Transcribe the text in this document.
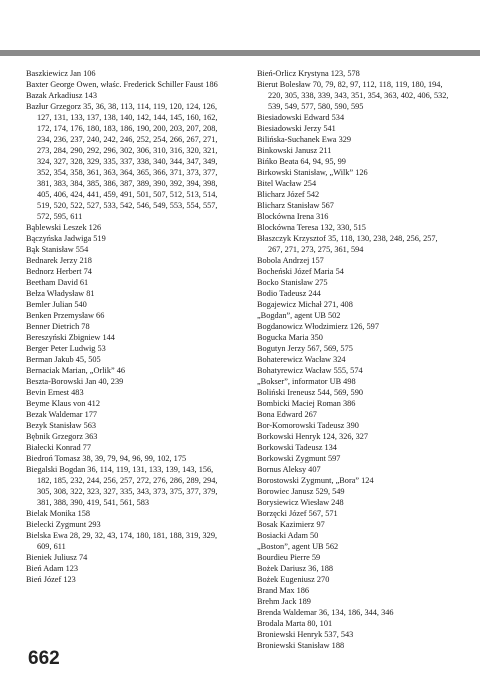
Baszkiewicz Jan 106
Baxter George Owen, właśc. Frederick Schiller Faust 186
Bazak Arkadiusz 143
Bazłur Grzegorz 35, 36, 38, 113, 114, 119, 120, 124, 126, 127, 131, 133, 137, 138, 140, 142, 144, 145, 160, 162, 172, 174, 176, 180, 183, 186, 190, 200, 203, 207, 208, 234, 236, 237, 240, 242, 246, 252, 254, 266, 267, 271, 273, 284, 290, 292, 296, 302, 306, 310, 316, 320, 321, 324, 327, 328, 329, 335, 337, 338, 340, 344, 347, 349, 352, 354, 358, 361, 363, 364, 365, 366, 371, 373, 377, 381, 383, 384, 385, 386, 387, 389, 390, 392, 394, 398, 405, 406, 424, 441, 459, 491, 501, 507, 512, 513, 514, 519, 520, 522, 527, 533, 542, 546, 549, 553, 554, 557, 572, 595, 611
Bąblewski Leszek 126
Bączyńska Jadwiga 519
Bąk Stanisław 554
Bednarek Jerzy 218
Bednorz Herbert 74
Beetham David 61
Bełza Władysław 81
Bemler Julian 540
Benken Przemysław 66
Benner Dietrich 78
Bereszyński Zbigniew 144
Berger Peter Ludwig 53
Berman Jakub 45, 505
Bernaciak Marian, „Orlik” 46
Beszta-Borowski Jan 40, 239
Bevin Ernest 483
Beyme Klaus von 412
Bezak Waldemar 177
Bezyk Stanisław 563
Bębnik Grzegorz 363
Białecki Konrad 77
Biedroń Tomasz 38, 39, 79, 94, 96, 99, 102, 175
Biegalski Bogdan 36, 114, 119, 131, 133, 139, 143, 156, 182, 185, 232, 244, 256, 257, 272, 276, 286, 289, 294, 305, 308, 322, 323, 327, 335, 343, 373, 375, 377, 379, 381, 388, 390, 419, 541, 561, 583
Bielak Monika 158
Bielecki Zygmunt 293
Bielska Ewa 28, 29, 32, 43, 174, 180, 181, 188, 319, 329, 609, 611
Bieniek Juliusz 74
Bień Adam 123
Bień Józef 123
Bień-Orlicz Krystyna 123, 578
Bierut Bolesław 70, 79, 82, 97, 112, 118, 119, 180, 194, 220, 305, 338, 339, 343, 351, 354, 363, 402, 406, 532, 539, 549, 577, 580, 590, 595
Biesiadowski Edward 534
Biesiadowski Jerzy 541
Bilińska-Suchanek Ewa 329
Binkowski Janusz 211
Bińko Beata 64, 94, 95, 99
Birkowski Stanisław, „Wilk” 126
Bitel Wacław 254
Blicharz Józef 542
Blicharz Stanisław 567
Blockówna Irena 316
Blockówna Teresa 132, 330, 515
Błaszczyk Krzysztof 35, 118, 130, 238, 248, 256, 257, 267, 271, 273, 275, 361, 594
Bobola Andrzej 157
Bocheński Józef Maria 54
Bocko Stanisław 275
Bodio Tadeusz 244
Bogajewicz Michał 271, 408
„Bogdan”, agent UB 502
Bogdanowicz Włodzimierz 126, 597
Bogucka Maria 350
Bogutyn Jerzy 567, 569, 575
Bohaterewicz Wacław 324
Bohatyrewicz Wacław 555, 574
„Bokser”, informator UB 498
Boliński Ireneusz 544, 569, 590
Bombicki Maciej Roman 386
Bona Edward 267
Bor-Komorowski Tadeusz 390
Borkowski Henryk 124, 326, 327
Borkowski Tadeusz 134
Borkowski Zygmunt 597
Bornus Aleksy 407
Borostowski Zygmunt, „Bora” 124
Borowiec Janusz 529, 549
Borysiewicz Wiesław 248
Borzęcki Józef 567, 571
Bosak Kazimierz 97
Bosiacki Adam 50
„Boston”, agent UB 562
Bourdieu Pierre 59
Bożek Dariusz 36, 188
Bożek Eugeniusz 270
Brand Max 186
Brehm Jack 189
Brenda Waldemar 36, 134, 186, 344, 346
Brodala Marta 80, 101
Broniewski Henryk 537, 543
Broniewski Stanisław 188
662
